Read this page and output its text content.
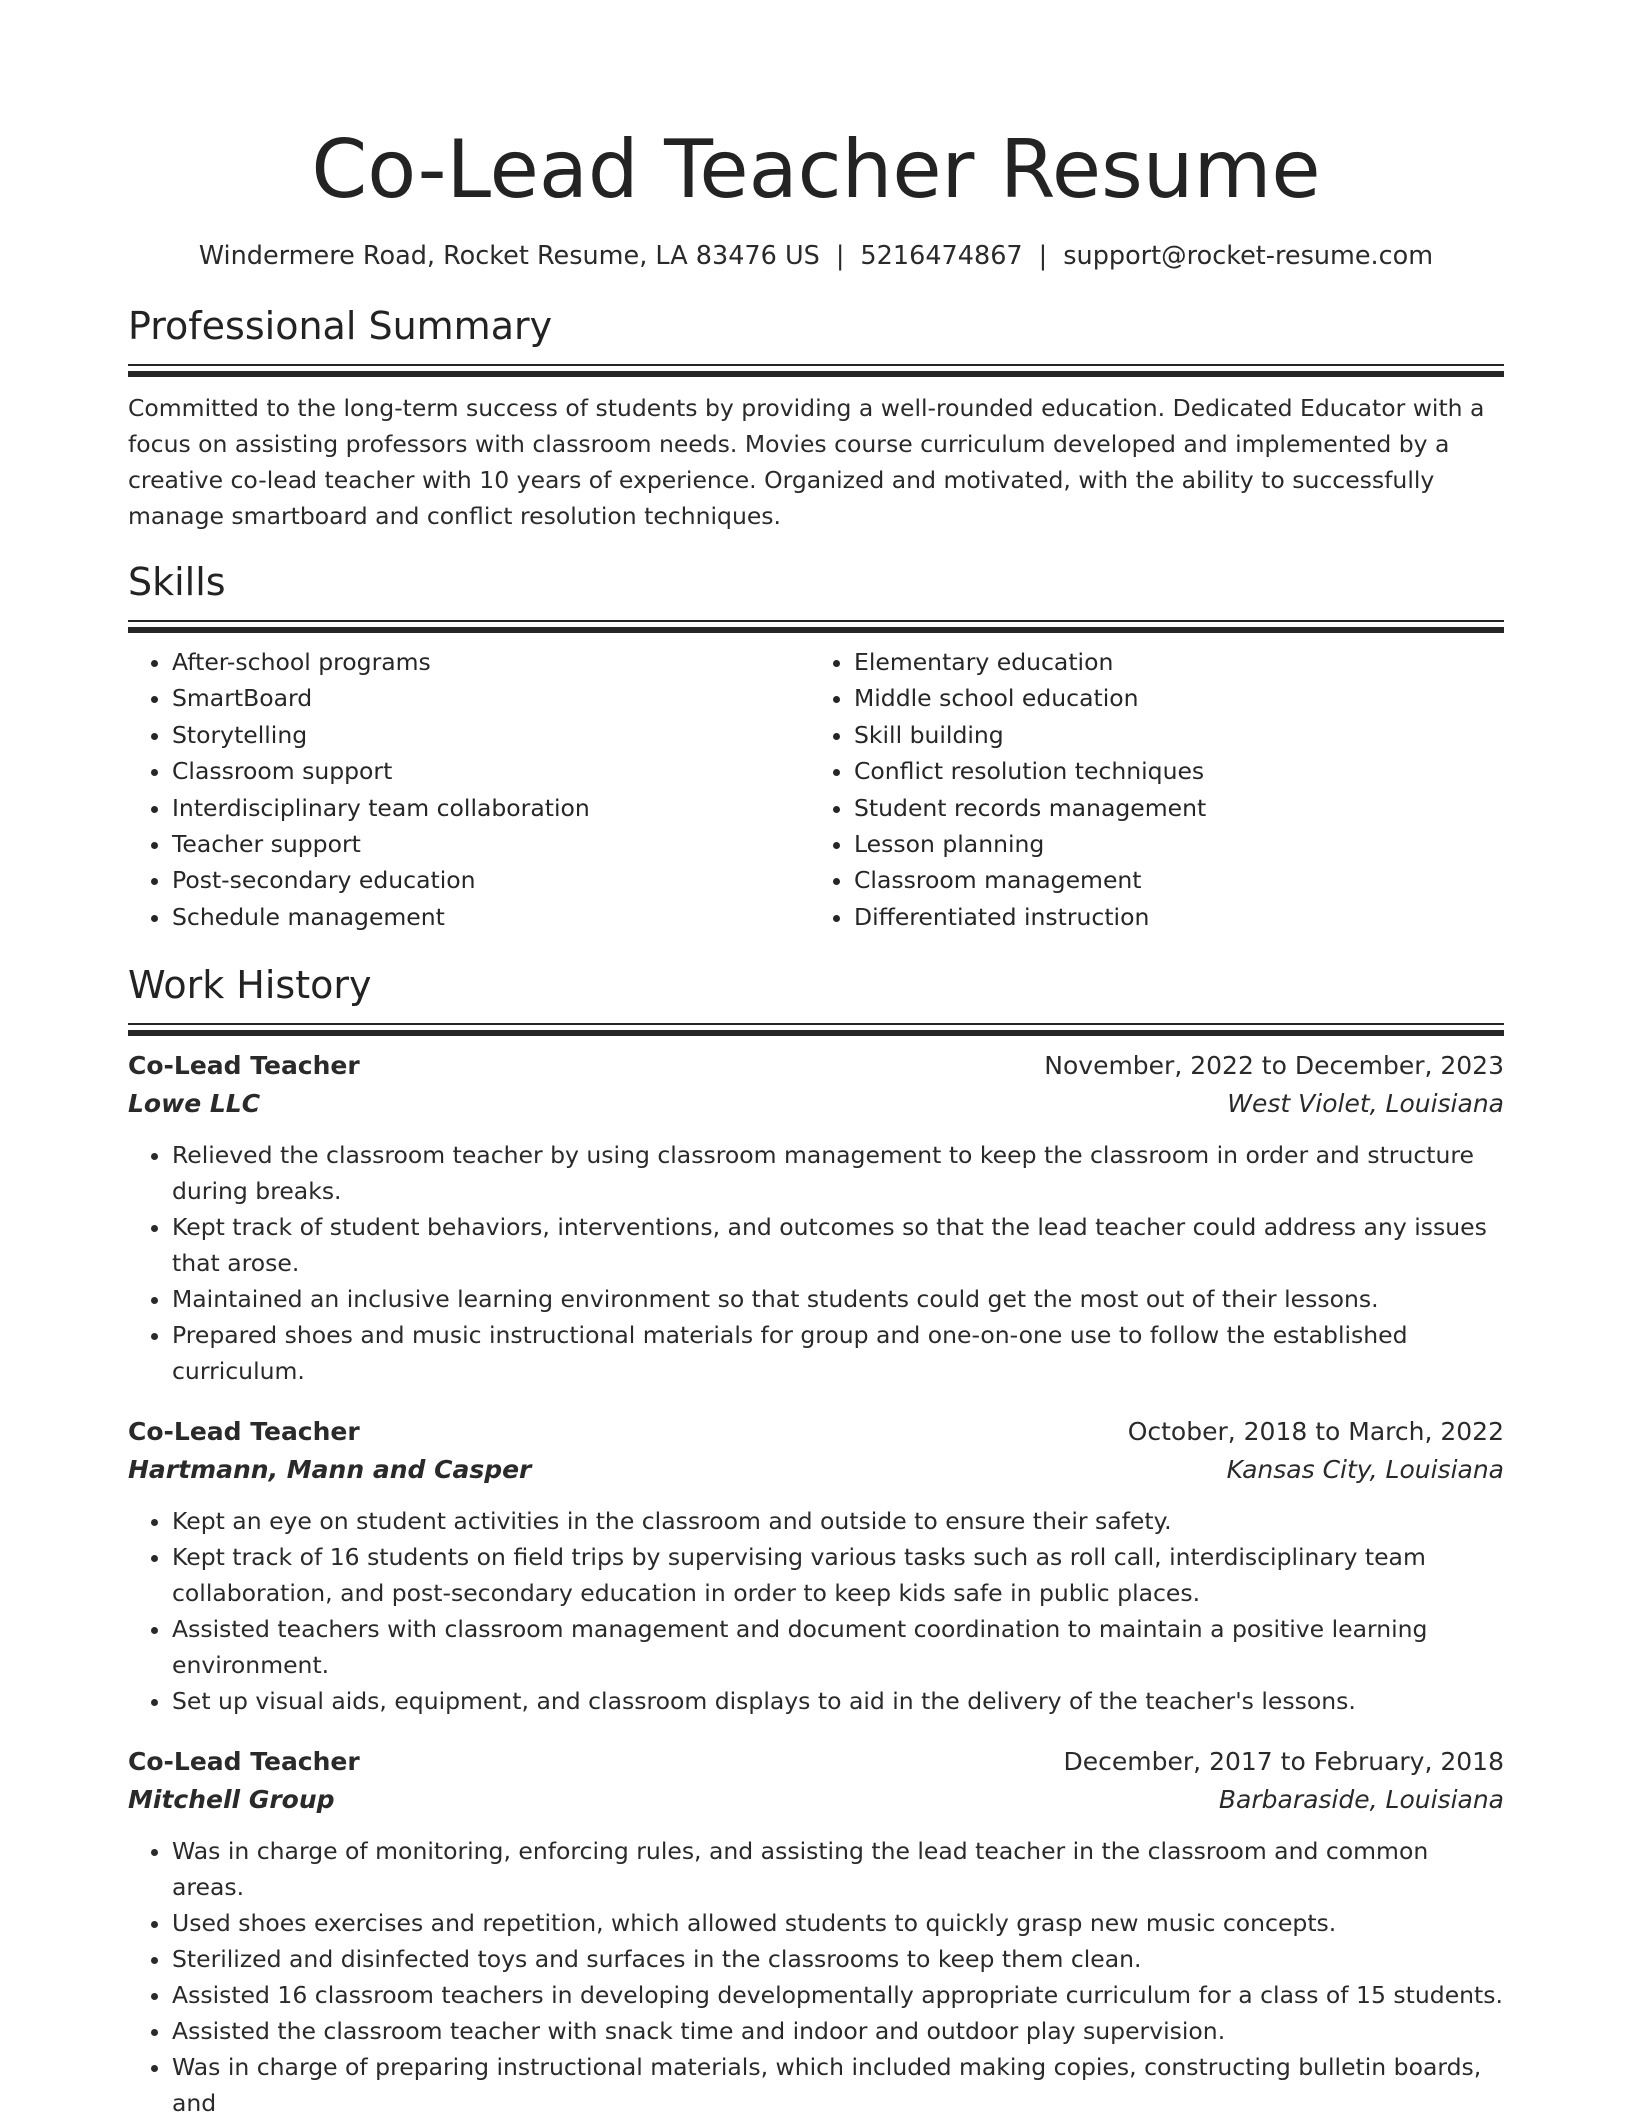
Co-Lead Teacher Resume
Windermere Road, Rocket Resume, LA 83476 US | 5216474867 | support@rocket-resume.com
Professional Summary

Committed to the long-term success of students by providing a well-rounded education. Dedicated Educator with a focus on assisting professors with classroom needs. Movies course curriculum developed and implemented by a creative co-lead teacher with 10 years of experience. Organized and motivated, with the ability to successfully manage smartboard and conflict resolution techniques.

Skills
• After-school programs
• SmartBoard
• Storytelling
• Classroom support
• Interdisciplinary team collaboration
• Teacher support
• Post-secondary education
• Schedule management
• Elementary education
• Middle school education
• Skill building
• Conflict resolution techniques
• Student records management
• Lesson planning
• Classroom management
• Differentiated instruction
Work History
Co-Lead Teacher	November, 2022 to December, 2023
Lowe LLC	West Violet, Louisiana
• Relieved the classroom teacher by using classroom management to keep the classroom in order and structure during breaks.
• Kept track of student behaviors, interventions, and outcomes so that the lead teacher could address any issues that arose.
• Maintained an inclusive learning environment so that students could get the most out of their lessons.
• Prepared shoes and music instructional materials for group and one-on-one use to follow the established curriculum.
Co-Lead Teacher	October, 2018 to March, 2022
Hartmann, Mann and Casper	Kansas City, Louisiana
• Kept an eye on student activities in the classroom and outside to ensure their safety.
• Kept track of 16 students on field trips by supervising various tasks such as roll call, interdisciplinary team collaboration, and post-secondary education in order to keep kids safe in public places.
• Assisted teachers with classroom management and document coordination to maintain a positive learning environment.
• Set up visual aids, equipment, and classroom displays to aid in the delivery of the teacher's lessons.
Co-Lead Teacher	December, 2017 to February, 2018
Mitchell Group	Barbaraside, Louisiana
• Was in charge of monitoring, enforcing rules, and assisting the lead teacher in the classroom and common areas.
• Used shoes exercises and repetition, which allowed students to quickly grasp new music concepts.
• Sterilized and disinfected toys and surfaces in the classrooms to keep them clean.
• Assisted 16 classroom teachers in developing developmentally appropriate curriculum for a class of 15 students.
• Assisted the classroom teacher with snack time and indoor and outdoor play supervision.
• Was in charge of preparing instructional materials, which included making copies, constructing bulletin boards, and
